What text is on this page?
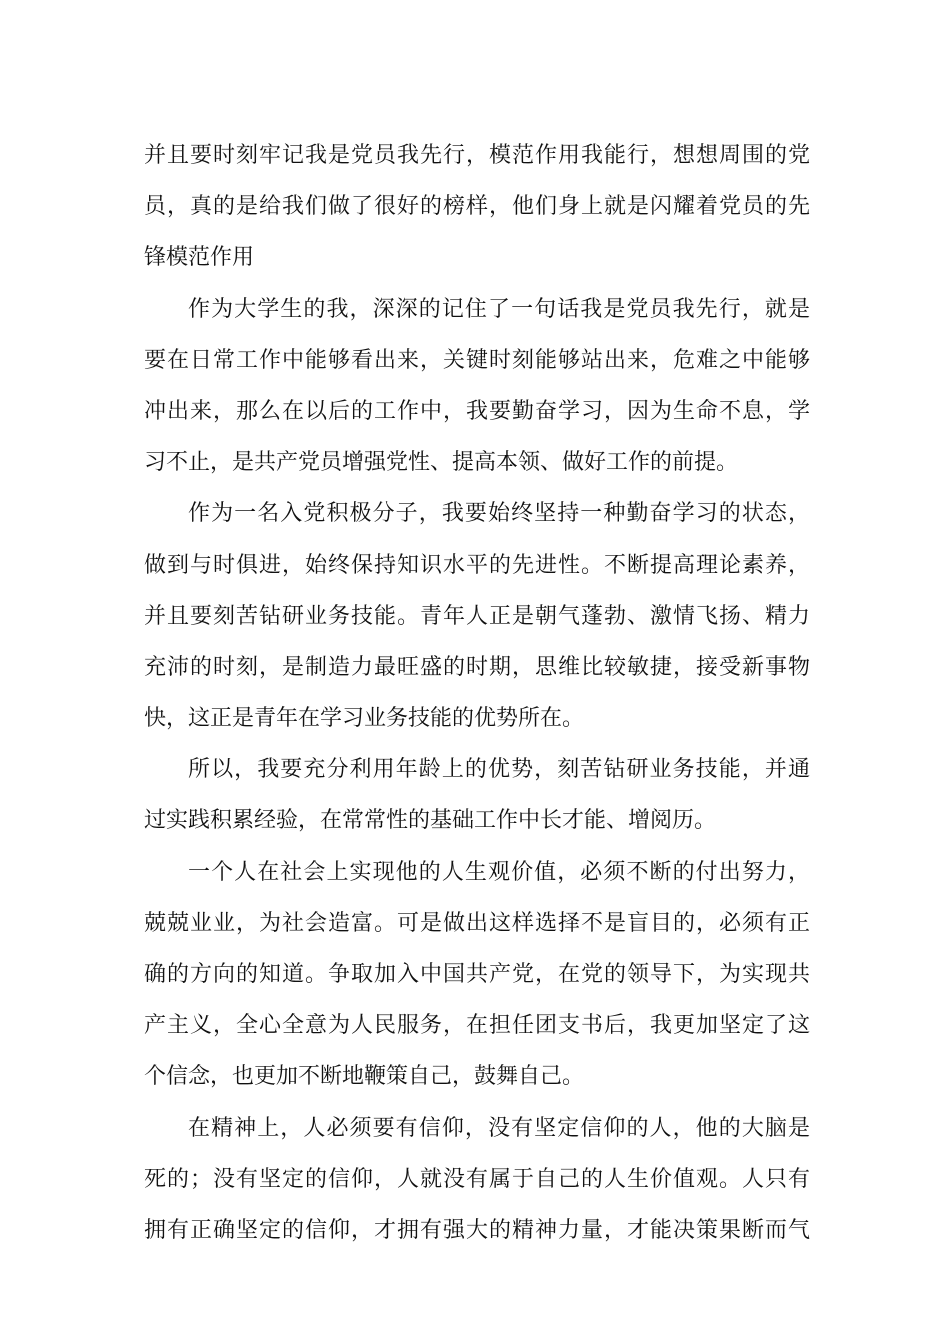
并且要时刻牢记我是党员我先行，模范作用我能行，想想周围的党
员，真的是给我们做了很好的榜样，他们身上就是闪耀着党员的先
锋模范作用
作为大学生的我，深深的记住了一句话我是党员我先行，就是
要在日常工作中能够看出来，关键时刻能够站出来，危难之中能够
冲出来，那么在以后的工作中，我要勤奋学习，因为生命不息，学
习不止，是共产党员增强党性、提高本领、做好工作的前提。
作为一名入党积极分子，我要始终坚持一种勤奋学习的状态，
做到与时俱进，始终保持知识水平的先进性。不断提高理论素养，
并且要刻苦钻研业务技能。青年人正是朝气蓬勃、激情飞扬、精力
充沛的时刻，是制造力最旺盛的时期，思维比较敏捷，接受新事物
快，这正是青年在学习业务技能的优势所在。
所以，我要充分利用年龄上的优势，刻苦钻研业务技能，并通
过实践积累经验，在常常性的基础工作中长才能、增阅历。
一个人在社会上实现他的人生观价值，必须不断的付出努力，
兢兢业业，为社会造富。可是做出这样选择不是盲目的，必须有正
确的方向的知道。争取加入中国共产党，在党的领导下，为实现共
产主义，全心全意为人民服务，在担任团支书后，我更加坚定了这
个信念，也更加不断地鞭策自己，鼓舞自己。
在精神上，人必须要有信仰，没有坚定信仰的人，他的大脑是
死的；没有坚定的信仰，人就没有属于自己的人生价值观。人只有
拥有正确坚定的信仰，才拥有强大的精神力量，才能决策果断而气
